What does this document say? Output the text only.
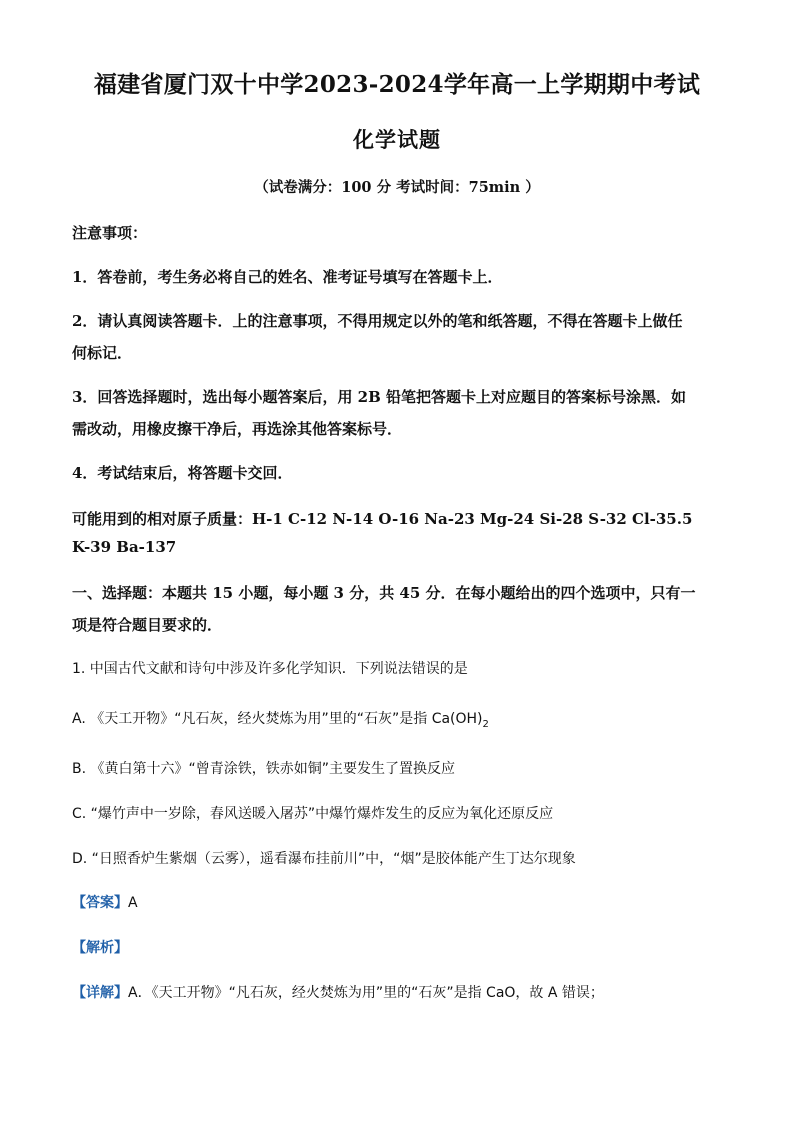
福建省厦门双十中学2023-2024学年高一上学期期中考试
化学试题
（试卷满分：100 分 考试时间：75min ）
注意事项：
1．答卷前，考生务必将自己的姓名、准考证号填写在答题卡上．
2．请认真阅读答题卡．上的注意事项，不得用规定以外的笔和纸答题，不得在答题卡上做任
何标记．
3．回答选择题时，选出每小题答案后，用 2B 铅笔把答题卡上对应题目的答案标号涂黑．如
需改动，用橡皮擦干净后，再选涂其他答案标号．
4．考试结束后，将答题卡交回．
可能用到的相对原子质量：H-1 C-12 N-14 O-16 Na-23 Mg-24 Si-28 S-32 Cl-35.5
K-39 Ba-137
一、选择题：本题共 15 小题，每小题 3 分，共 45 分．在每小题给出的四个选项中，只有一
项是符合题目要求的．
1. 中国古代文献和诗句中涉及许多化学知识．下列说法错误的是
A. 《天工开物》“凡石灰，经火焚炼为用”里的“石灰”是指 $Ca(OH)_2$
B. 《黄白第十六》“曾青涂铁，铁赤如铜”主要发生了置换反应
C. “爆竹声中一岁除，春风送暖入屠苏”中爆竹爆炸发生的反应为氧化还原反应
D. “日照香炉生紫烟（云雾），遥看瀑布挂前川”中，“烟”是胶体能产生丁达尔现象
【答案】A
【解析】
【详解】A．《天工开物》“凡石灰，经火焚炼为用”里的“石灰”是指 CaO，故 A 错误；
